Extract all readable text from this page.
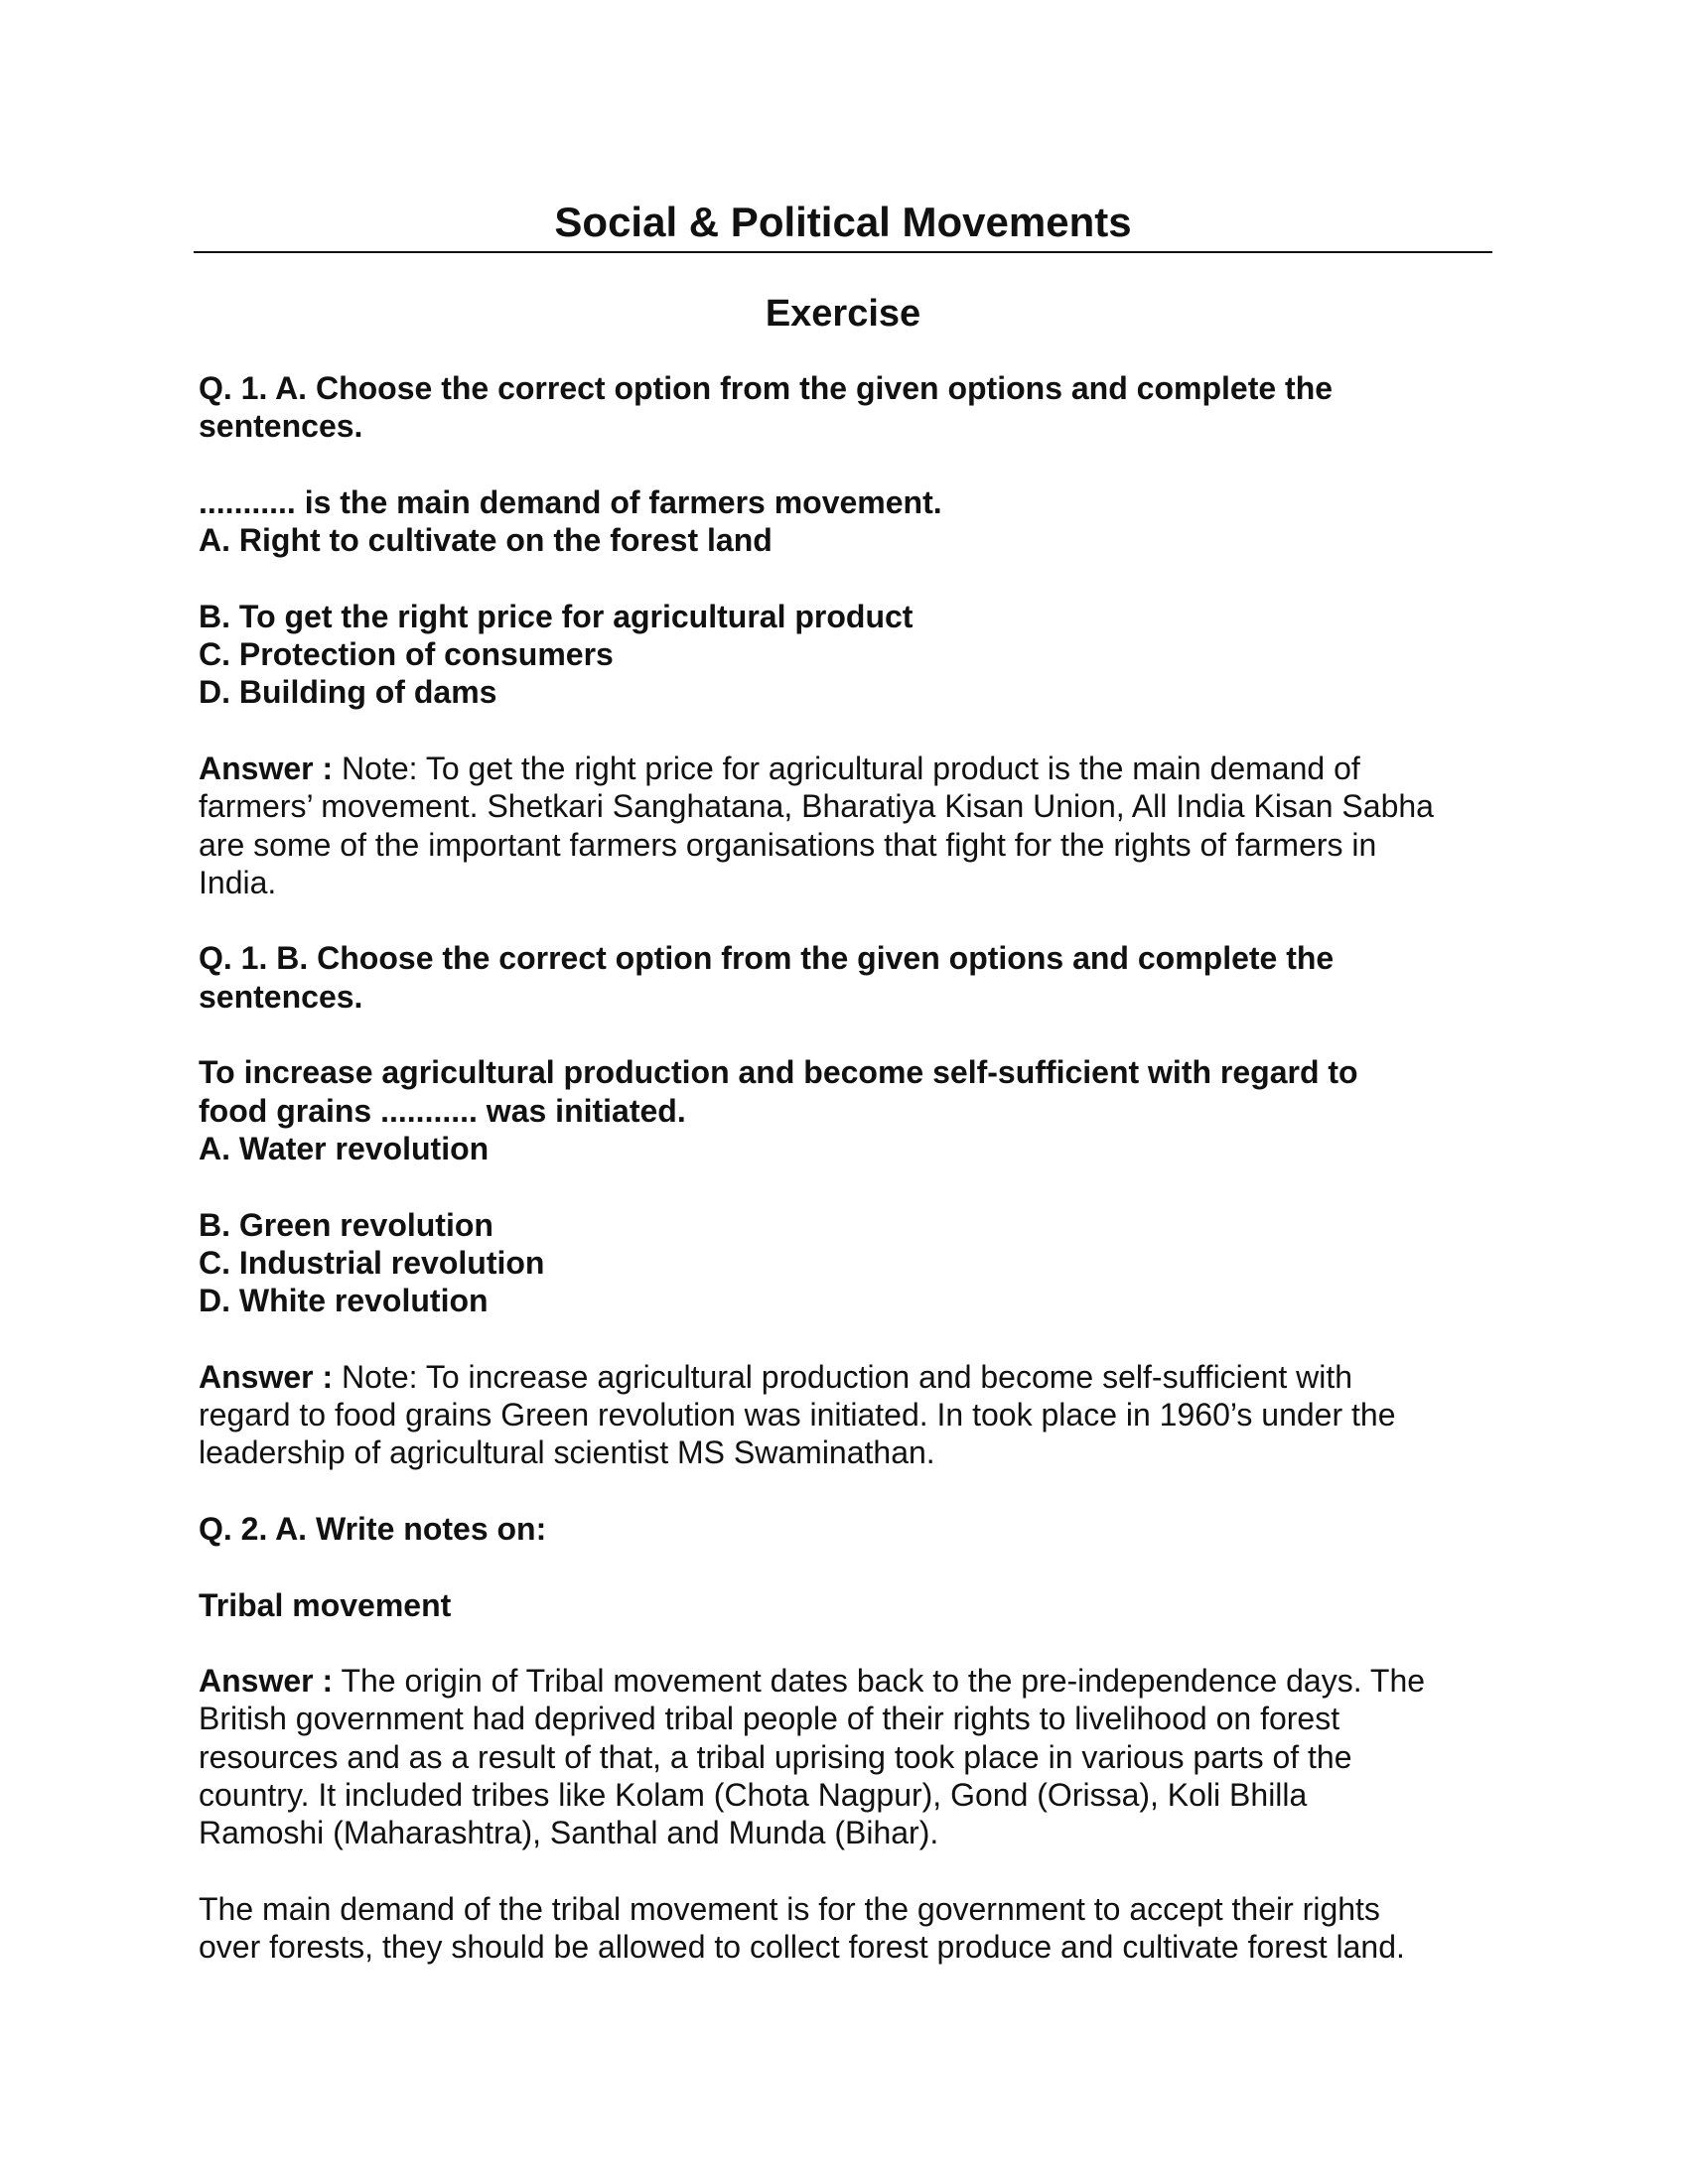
Social & Political Movements
Exercise

Q. 1. A. Choose the correct option from the given options and complete the

sentences.

........... is the main demand of farmers movement.

A. Right to cultivate on the forest land

B. To get the right price for agricultural product

C. Protection of consumers

D. Building of dams

Answer : Note: To get the right price for agricultural product is the main demand of

farmers’ movement. Shetkari Sanghatana, Bharatiya Kisan Union, All India Kisan Sabha

are some of the important farmers organisations that fight for the rights of farmers in

India.

Q. 1. B. Choose the correct option from the given options and complete the

sentences.

To increase agricultural production and become self-sufficient with regard to

food grains ........... was initiated.

A. Water revolution

B. Green revolution

C. Industrial revolution

D. White revolution

Answer : Note: To increase agricultural production and become self-sufficient with

regard to food grains Green revolution was initiated. In took place in 1960’s under the

leadership of agricultural scientist MS Swaminathan.

Q. 2. A. Write notes on:

Tribal movement

Answer : The origin of Tribal movement dates back to the pre-independence days. The

British government had deprived tribal people of their rights to livelihood on forest

resources and as a result of that, a tribal uprising took place in various parts of the

country. It included tribes like Kolam (Chota Nagpur), Gond (Orissa), Koli Bhilla

Ramoshi (Maharashtra), Santhal and Munda (Bihar).

The main demand of the tribal movement is for the government to accept their rights

over forests, they should be allowed to collect forest produce and cultivate forest land.
